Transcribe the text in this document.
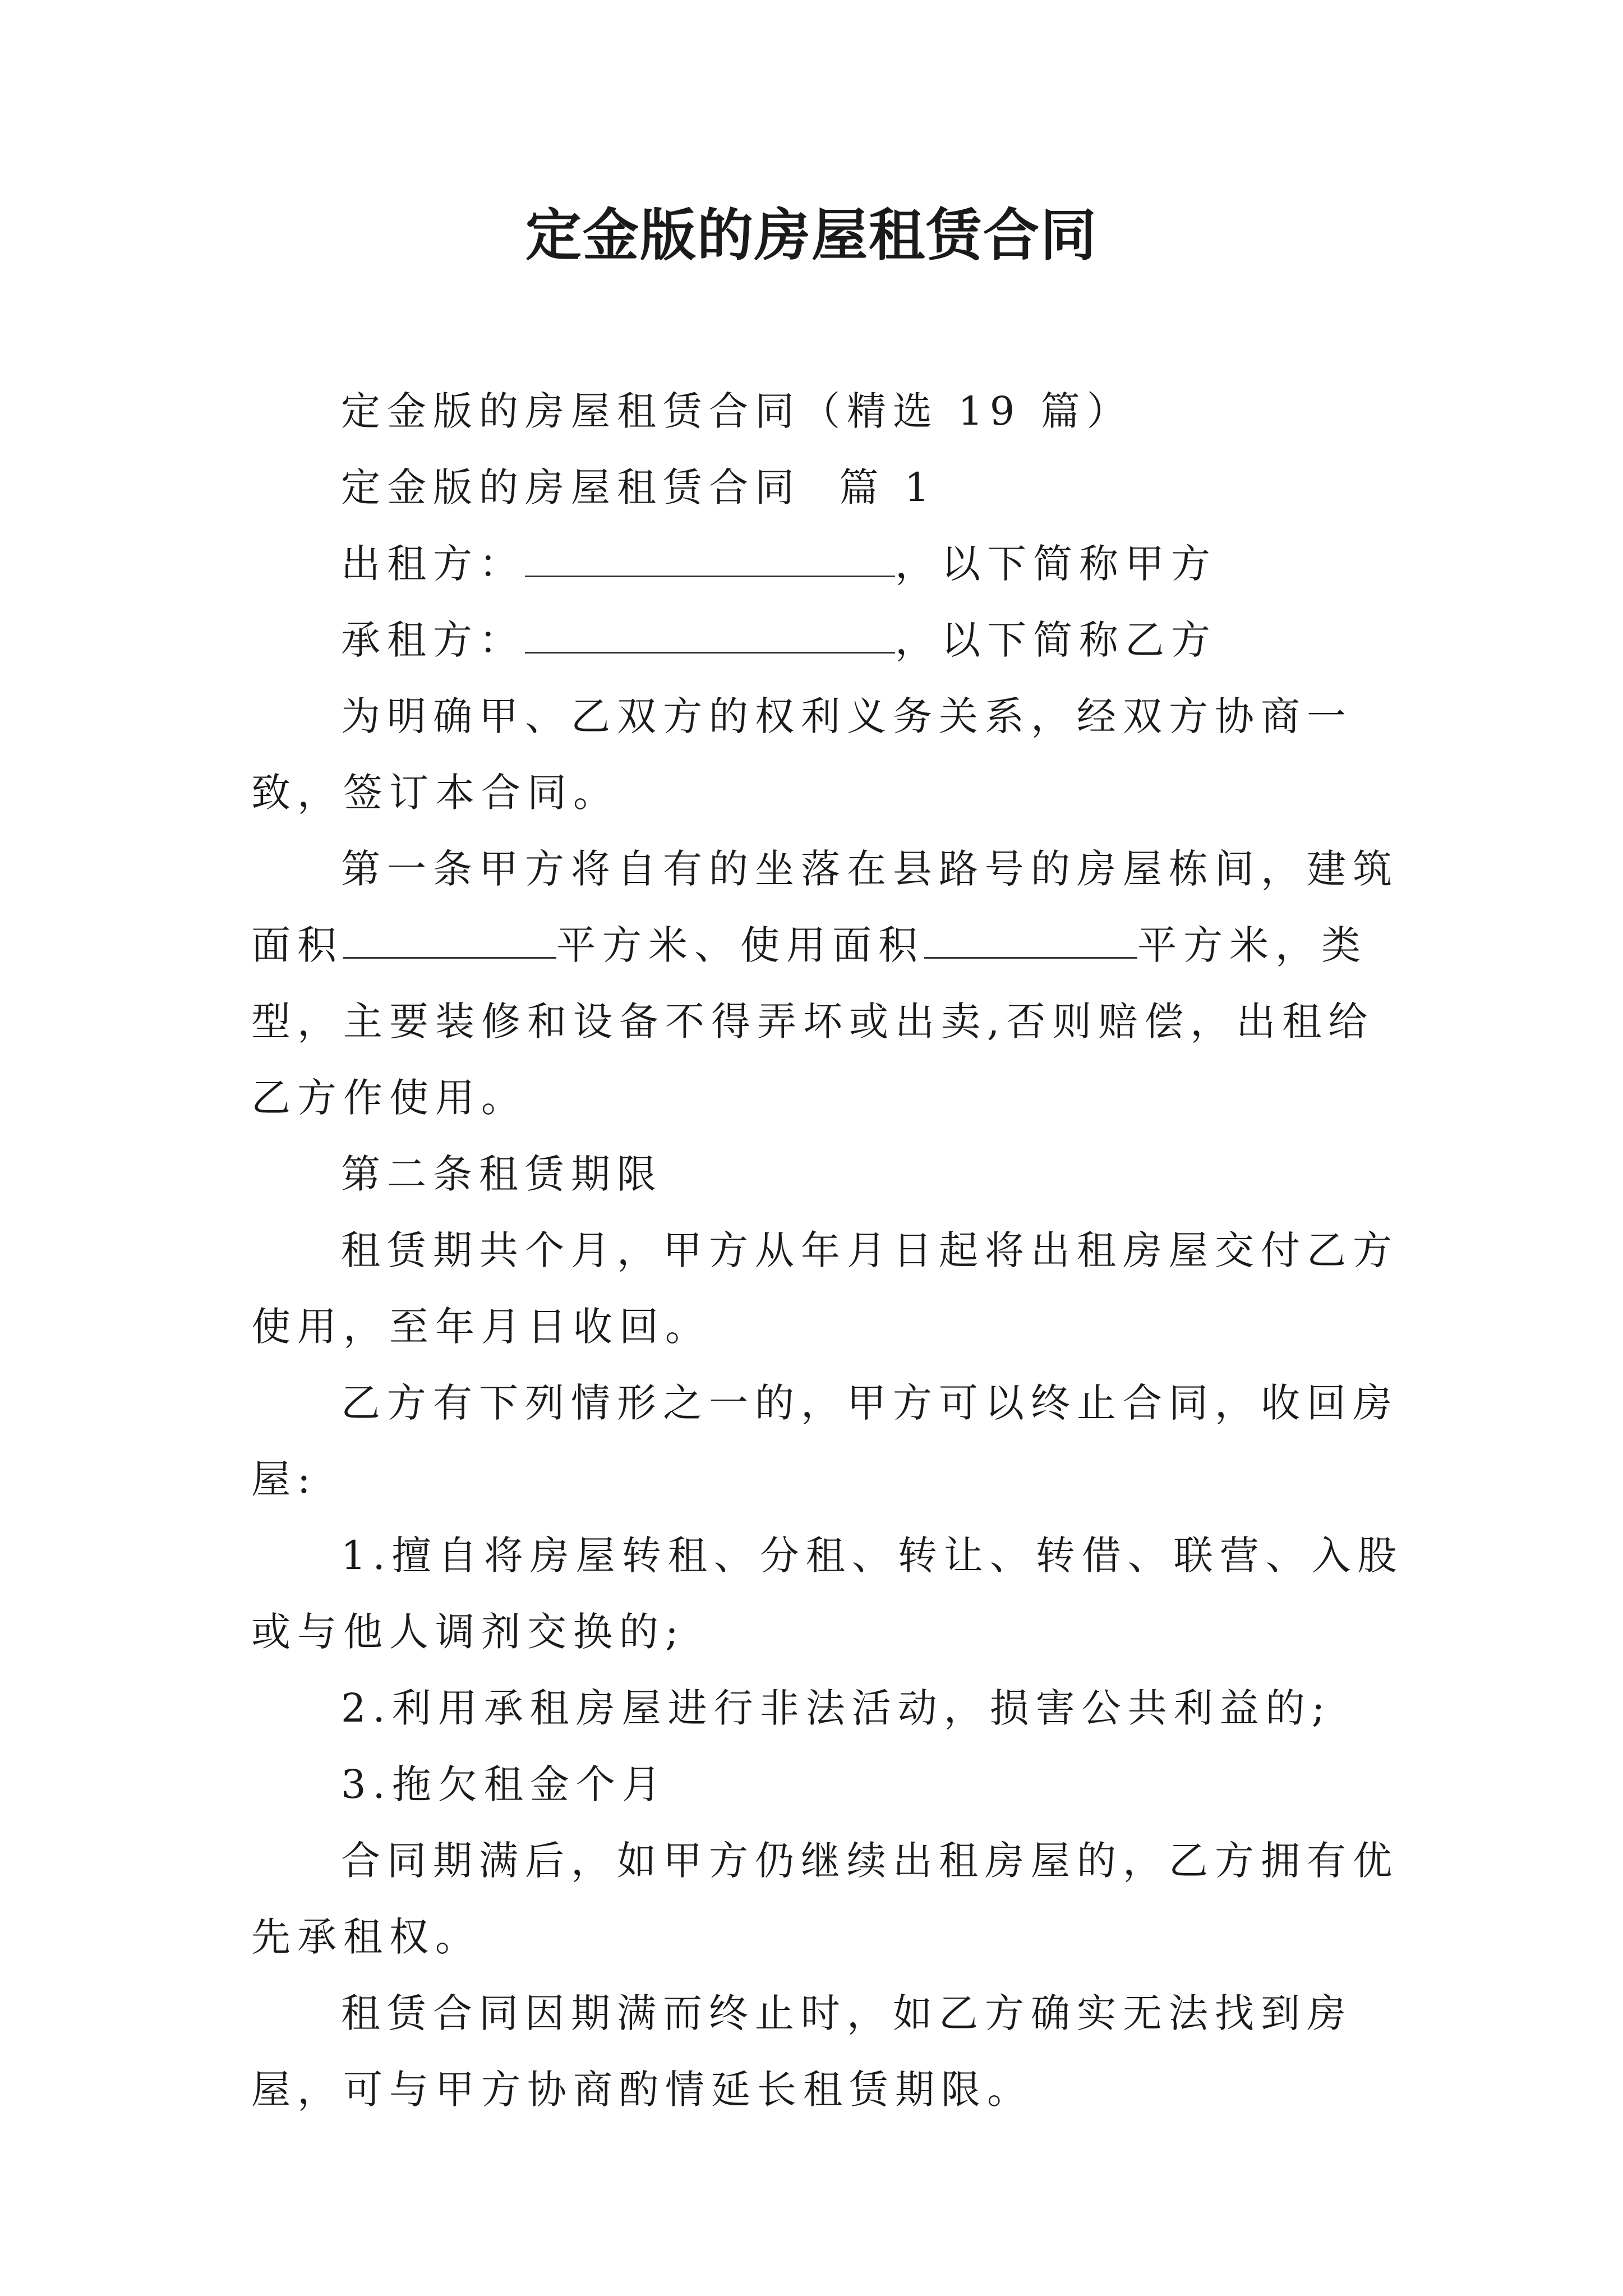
定金版的房屋租赁合同

定金版的房屋租赁合同（精选 19 篇）

定金版的房屋租赁合同  篇 1

出租方：	，以下简称甲方

承租方：	，以下简称乙方

为明确甲、乙双方的权利义务关系，经双方协商一致，签订本合同。

第一条甲方将自有的坐落在县路号的房屋栋间，建筑面积	平方米、使用面积	平方米，类型，主要装修和设备不得弄坏或出卖,否则赔偿，出租给乙方作使用。

第二条租赁期限

租赁期共个月，甲方从年月日起将出租房屋交付乙方使用，至年月日收回。

乙方有下列情形之一的，甲方可以终止合同，收回房屋:

1.擅自将房屋转租、分租、转让、转借、联营、入股或与他人调剂交换的;

2.利用承租房屋进行非法活动，损害公共利益的;

3.拖欠租金个月

合同期满后，如甲方仍继续出租房屋的，乙方拥有优先承租权。

租赁合同因期满而终止时，如乙方确实无法找到房屋，可与甲方协商酌情延长租赁期限。
